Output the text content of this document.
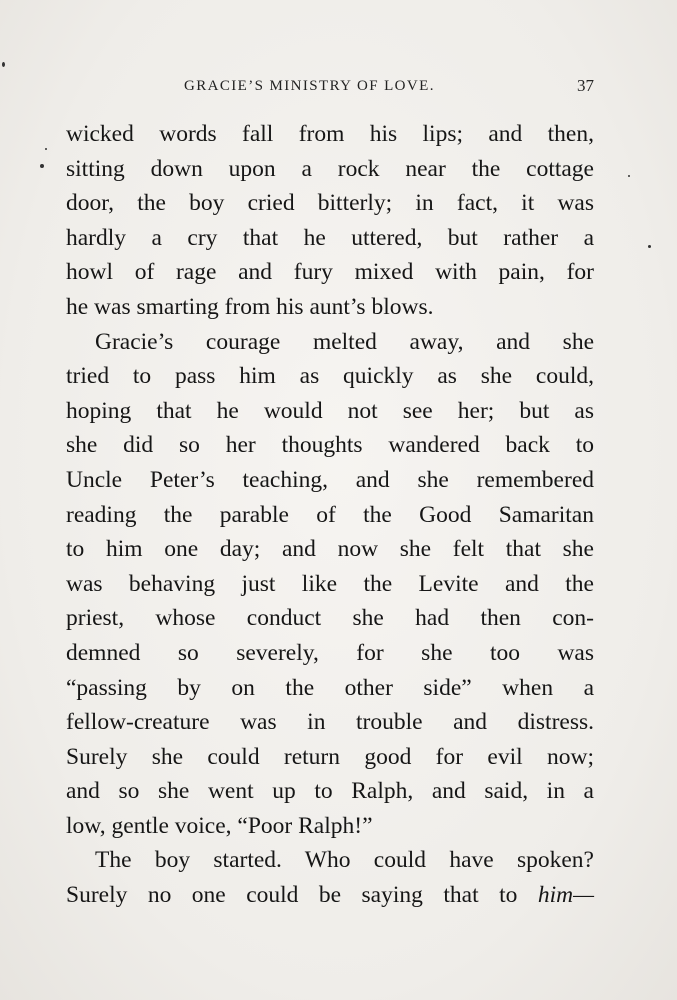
GRACIE’S MINISTRY OF LOVE.	37
wicked words fall from his lips; and then,
sitting down upon a rock near the cottage
door, the boy cried bitterly; in fact, it was
hardly a cry that he uttered, but rather a
howl of rage and fury mixed with pain, for
he was smarting from his aunt’s blows.
Gracie’s courage melted away, and she
tried to pass him as quickly as she could,
hoping that he would not see her; but as
she did so her thoughts wandered back to
Uncle Peter’s teaching, and she remembered
reading the parable of the Good Samaritan
to him one day; and now she felt that she
was behaving just like the Levite and the
priest, whose conduct she had then con-
demned so severely, for she too was
“passing by on the other side” when a
fellow-creature was in trouble and distress.
Surely she could return good for evil now;
and so she went up to Ralph, and said, in a
low, gentle voice, “Poor Ralph!”
The boy started. Who could have spoken?
Surely no one could be saying that to him—
